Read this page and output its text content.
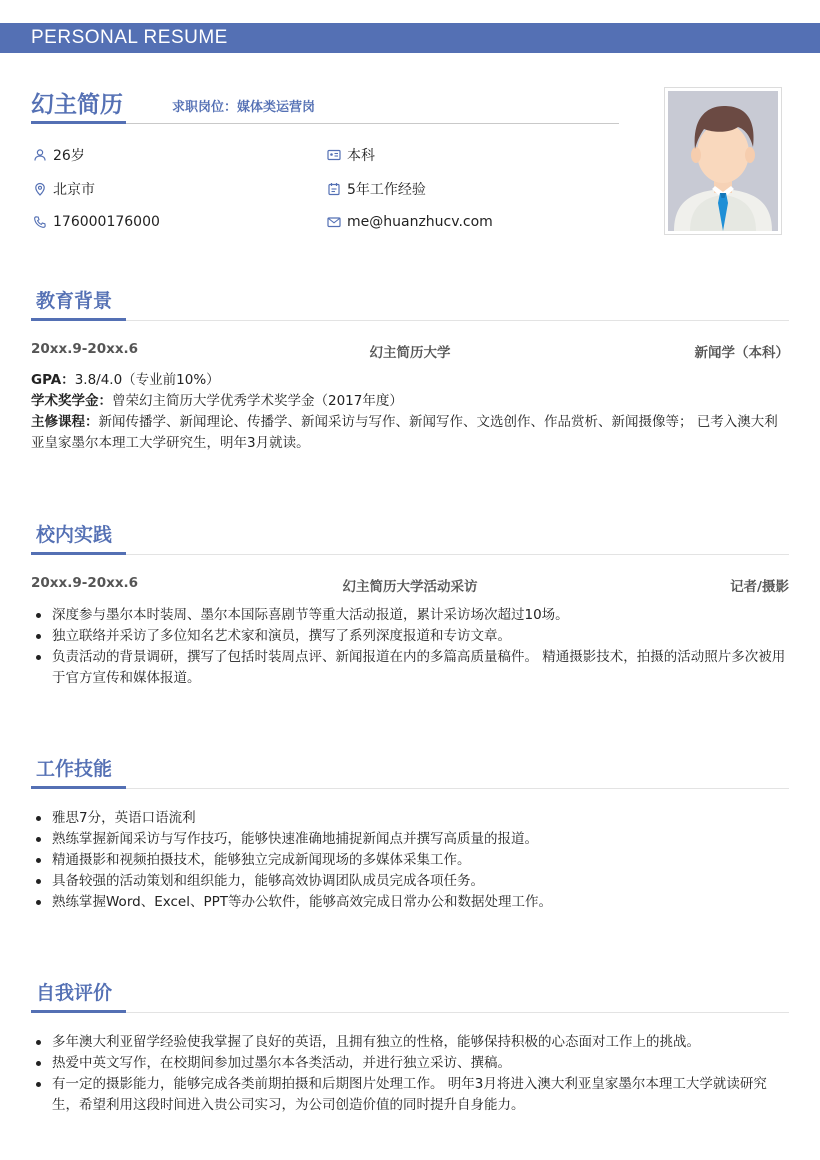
PERSONAL RESUME
幻主简历	求职岗位：媒体类运营岗
26岁	本科
北京市	5年工作经验
176000176000	me@huanzhucv.com
教育背景
20xx.9-20xx.6	幻主简历大学	新闻学（本科）
GPA：3.8/4.0（专业前10%）
学术奖学金：曾荣幻主简历大学优秀学术奖学金（2017年度）
主修课程：新闻传播学、新闻理论、传播学、新闻采访与写作、新闻写作、文选创作、作品赏析、新闻摄像等； 已考入澳大利亚皇家墨尔本理工大学研究生，明年3月就读。
校内实践
20xx.9-20xx.6	幻主简历大学活动采访	记者/摄影
深度参与墨尔本时装周、墨尔本国际喜剧节等重大活动报道，累计采访场次超过10场。
独立联络并采访了多位知名艺术家和演员，撰写了系列深度报道和专访文章。
负责活动的背景调研，撰写了包括时装周点评、新闻报道在内的多篇高质量稿件。 精通摄影技术，拍摄的活动照片多次被用于官方宣传和媒体报道。
工作技能
雅思7分，英语口语流利
熟练掌握新闻采访与写作技巧，能够快速准确地捕捉新闻点并撰写高质量的报道。
精通摄影和视频拍摄技术，能够独立完成新闻现场的多媒体采集工作。
具备较强的活动策划和组织能力，能够高效协调团队成员完成各项任务。
熟练掌握Word、Excel、PPT等办公软件，能够高效完成日常办公和数据处理工作。
自我评价
多年澳大利亚留学经验使我掌握了良好的英语，且拥有独立的性格，能够保持积极的心态面对工作上的挑战。
热爱中英文写作，在校期间参加过墨尔本各类活动，并进行独立采访、撰稿。
有一定的摄影能力，能够完成各类前期拍摄和后期图片处理工作。 明年3月将进入澳大利亚皇家墨尔本理工大学就读研究生，希望利用这段时间进入贵公司实习，为公司创造价值的同时提升自身能力。
